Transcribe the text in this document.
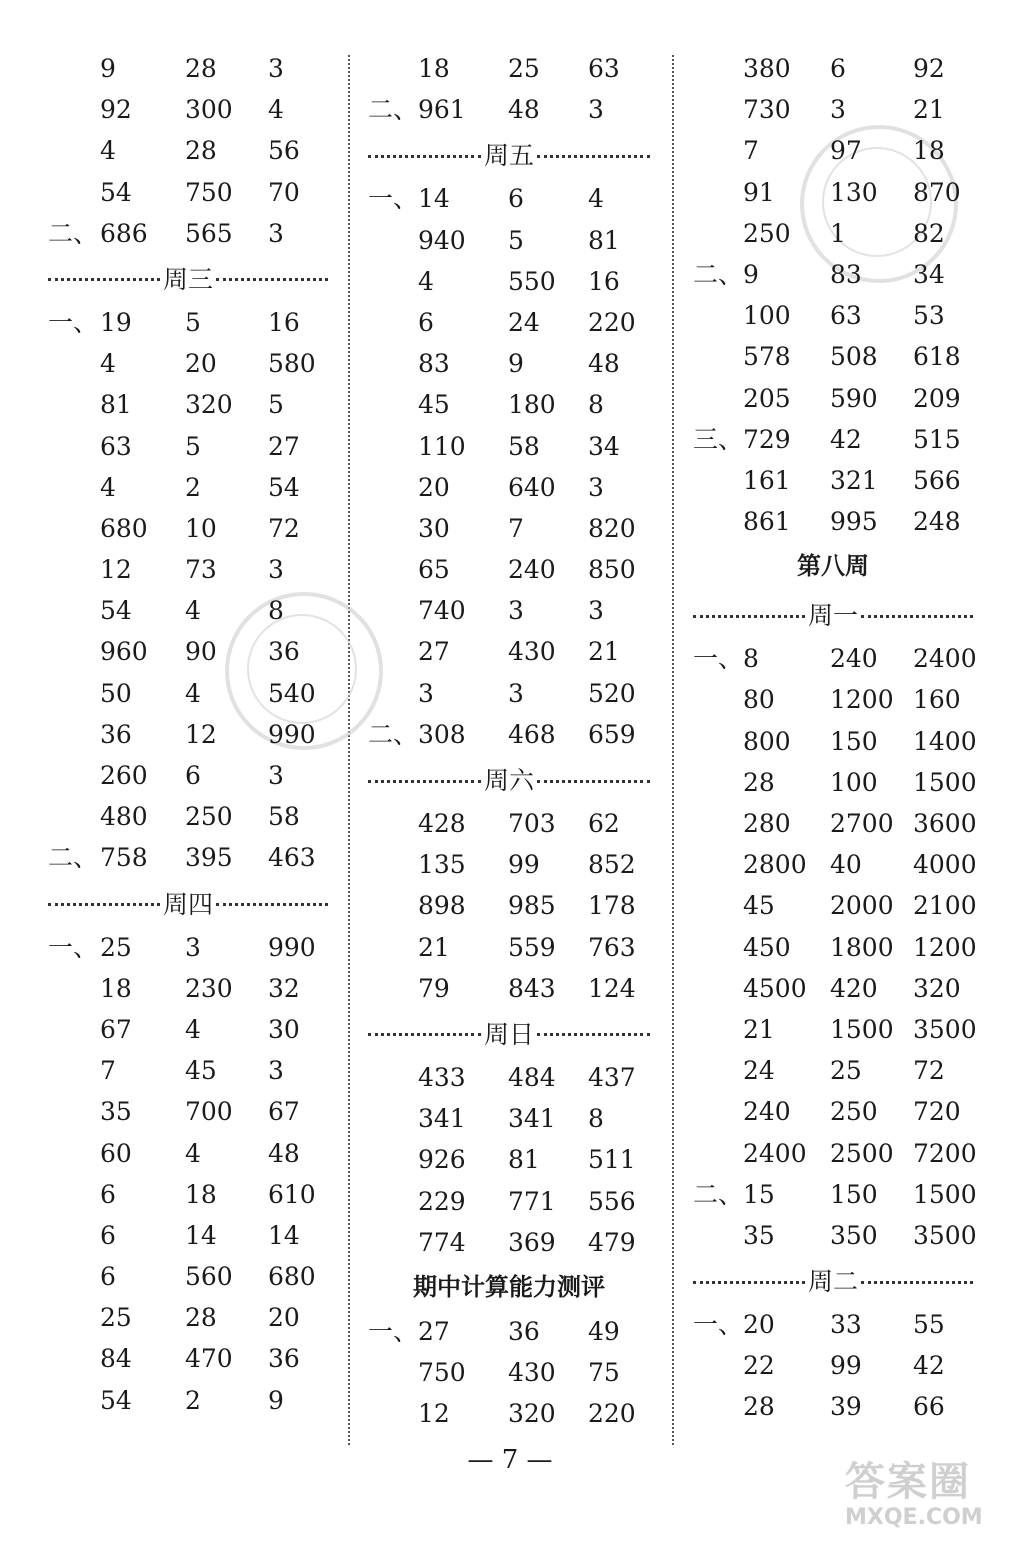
9	28 3
92 300 4
4	28 56
54 750 70
二、 686 565 3
周三
一、 19 5	16
4	20 580
81 320 5
63 5	27
4	2	54
680 10 72
12 73 3
54 4	8
960 90 36
50 4	540
36 12 990
260 6	3
480 250 58
二、 758 395 463
周四
一、 25 3	990
18 230 32
67 4	30
7	45 3
35 700 67
60 4	48
6	18 610
6	14 14
6	560 680
25 28 20
84 470 36
54 2	9
18 25 63
二、 961 48 3
周五
一、 14 6	4
940 5	81
4	550 16
6	24 220
83 9	48
45 180 8
110 58 34
20 640 3
30 7	820
65 240 850
740 3	3
27 430 21
3	3	520
二、 308 468 659
周六
428 703 62
135 99 852
898 985 178
21 559 763
79 843 124
周日
433 484 437
341 341 8
926 81 511
229 771 556
774 369 479
期中计算能力测评
一、 27 36 49
750 430 75
12 320 220
380 6	92
730 3	21
7	97 18
91 130 870
250 1	82
二、 9	83 34
100 63 53
578 508 618
205 590 209
三、 729 42 515
161 321 566
861 995 248
第八周
周一
一、 8	240 2400
80 1200 160
800 150 1400
28 100 1500
280 2700 3600
2800 40 4000
45 2000 2100
450 1800 1200
4500 420 320
21 1500 3500
24 25 72
240 250 720
2400 2500 7200
二、 15 150 1500
35 350 3500
周二
一、 20 33 55
22 99 42
28 39 66
— 7 —	答案圈
MXQE.COM
